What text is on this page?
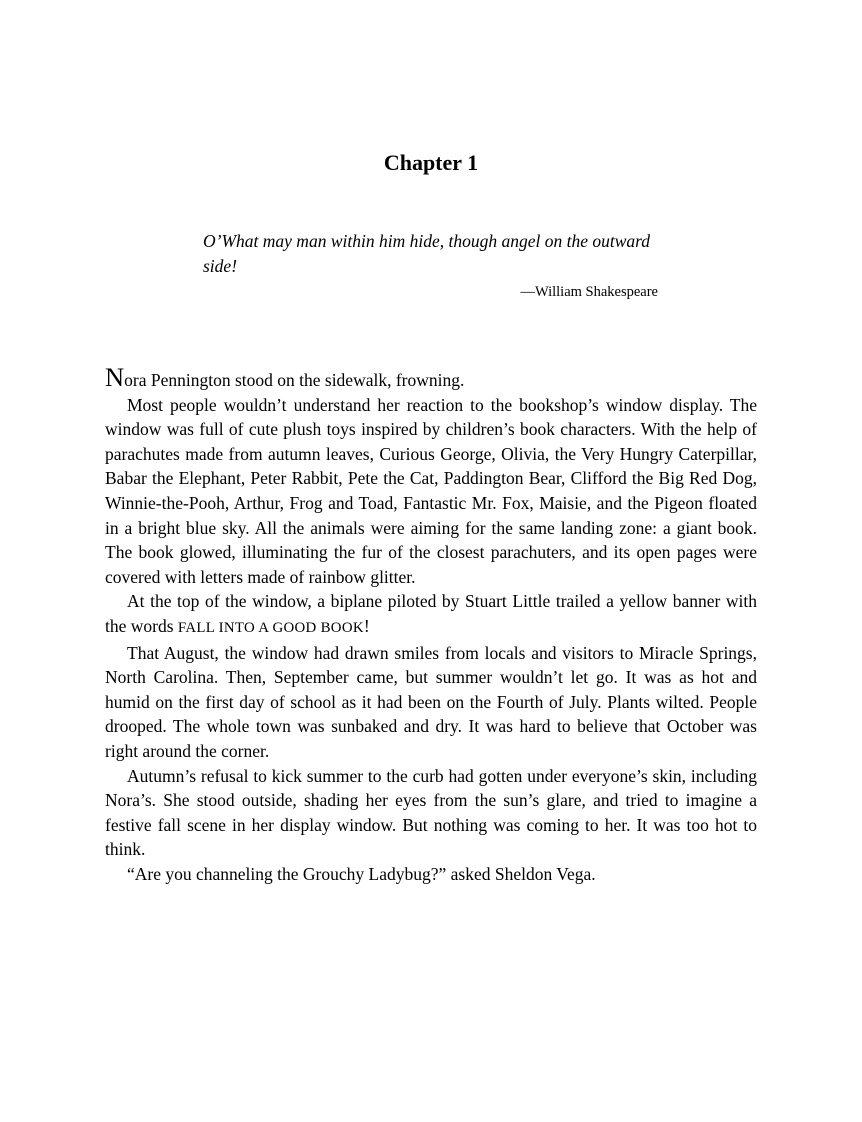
Chapter 1
O’What may man within him hide, though angel on the outward side!
—William Shakespeare

Nora Pennington stood on the sidewalk, frowning.

Most people wouldn’t understand her reaction to the bookshop’s window display. The window was full of cute plush toys inspired by children’s book characters. With the help of parachutes made from autumn leaves, Curious George, Olivia, the Very Hungry Caterpillar, Babar the Elephant, Peter Rabbit, Pete the Cat, Paddington Bear, Clifford the Big Red Dog, Winnie-the-Pooh, Arthur, Frog and Toad, Fantastic Mr. Fox, Maisie, and the Pigeon floated in a bright blue sky. All the animals were aiming for the same landing zone: a giant book. The book glowed, illuminating the fur of the closest parachuters, and its open pages were covered with letters made of rainbow glitter.

At the top of the window, a biplane piloted by Stuart Little trailed a yellow banner with the words FALL INTO A GOOD BOOK!

That August, the window had drawn smiles from locals and visitors to Miracle Springs, North Carolina. Then, September came, but summer wouldn’t let go. It was as hot and humid on the first day of school as it had been on the Fourth of July. Plants wilted. People drooped. The whole town was sunbaked and dry. It was hard to believe that October was right around the corner.

Autumn’s refusal to kick summer to the curb had gotten under everyone’s skin, including Nora’s. She stood outside, shading her eyes from the sun’s glare, and tried to imagine a festive fall scene in her display window. But nothing was coming to her. It was too hot to think.

“Are you channeling the Grouchy Ladybug?” asked Sheldon Vega.
